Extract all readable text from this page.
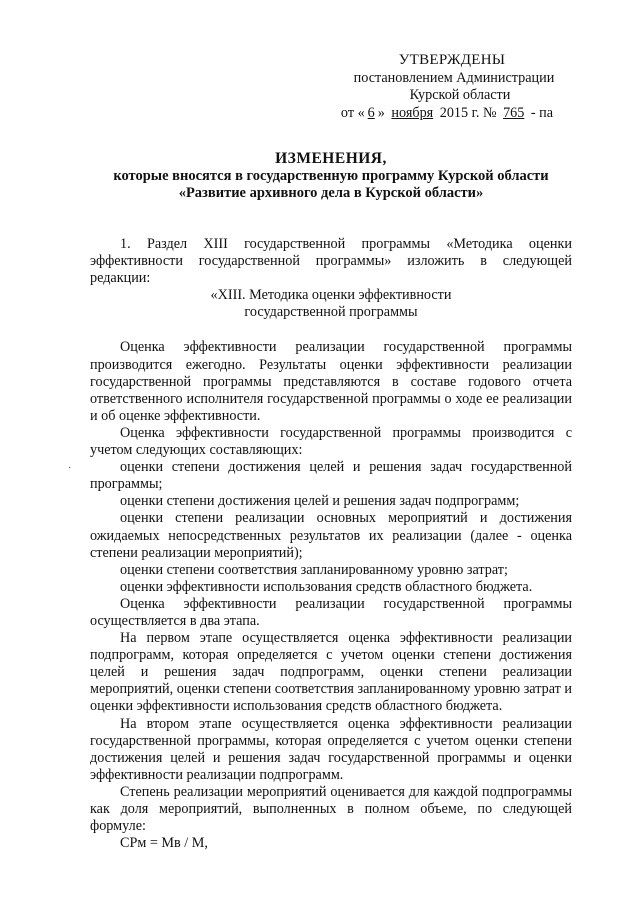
УТВЕРЖДЕНЫ
постановлением Администрации
Курской области
от « 6 » ноября 2015 г. № 765 - па
ИЗМЕНЕНИЯ,
которые вносятся в государственную программу Курской области
«Развитие архивного дела в Курской области»
·

1. Раздел XIII государственной программы «Методика оценки эффективности государственной программы» изложить в следующей редакции:

«XIII. Методика оценки эффективности
государственной программы

Оценка эффективности реализации государственной программы производится ежегодно. Результаты оценки эффективности реализации государственной программы представляются в составе годового отчета ответственного исполнителя государственной программы о ходе ее реализации и об оценке эффективности.

Оценка эффективности государственной программы производится с учетом следующих составляющих:

оценки степени достижения целей и решения задач государственной программы;

оценки степени достижения целей и решения задач подпрограмм;

оценки степени реализации основных мероприятий и достижения ожидаемых непосредственных результатов их реализации (далее - оценка степени реализации мероприятий);

оценки степени соответствия запланированному уровню затрат;

оценки эффективности использования средств областного бюджета.

Оценка эффективности реализации государственной программы осуществляется в два этапа.

На первом этапе осуществляется оценка эффективности реализации подпрограмм, которая определяется с учетом оценки степени достижения целей и решения задач подпрограмм, оценки степени реализации мероприятий, оценки степени соответствия запланированному уровню затрат и оценки эффективности использования средств областного бюджета.

На втором этапе осуществляется оценка эффективности реализации государственной программы, которая определяется с учетом оценки степени достижения целей и решения задач государственной программы и оценки эффективности реализации подпрограмм.

Степень реализации мероприятий оценивается для каждой подпрограммы как доля мероприятий, выполненных в полном объеме, по следующей формуле:

СРм = Мв / М,
